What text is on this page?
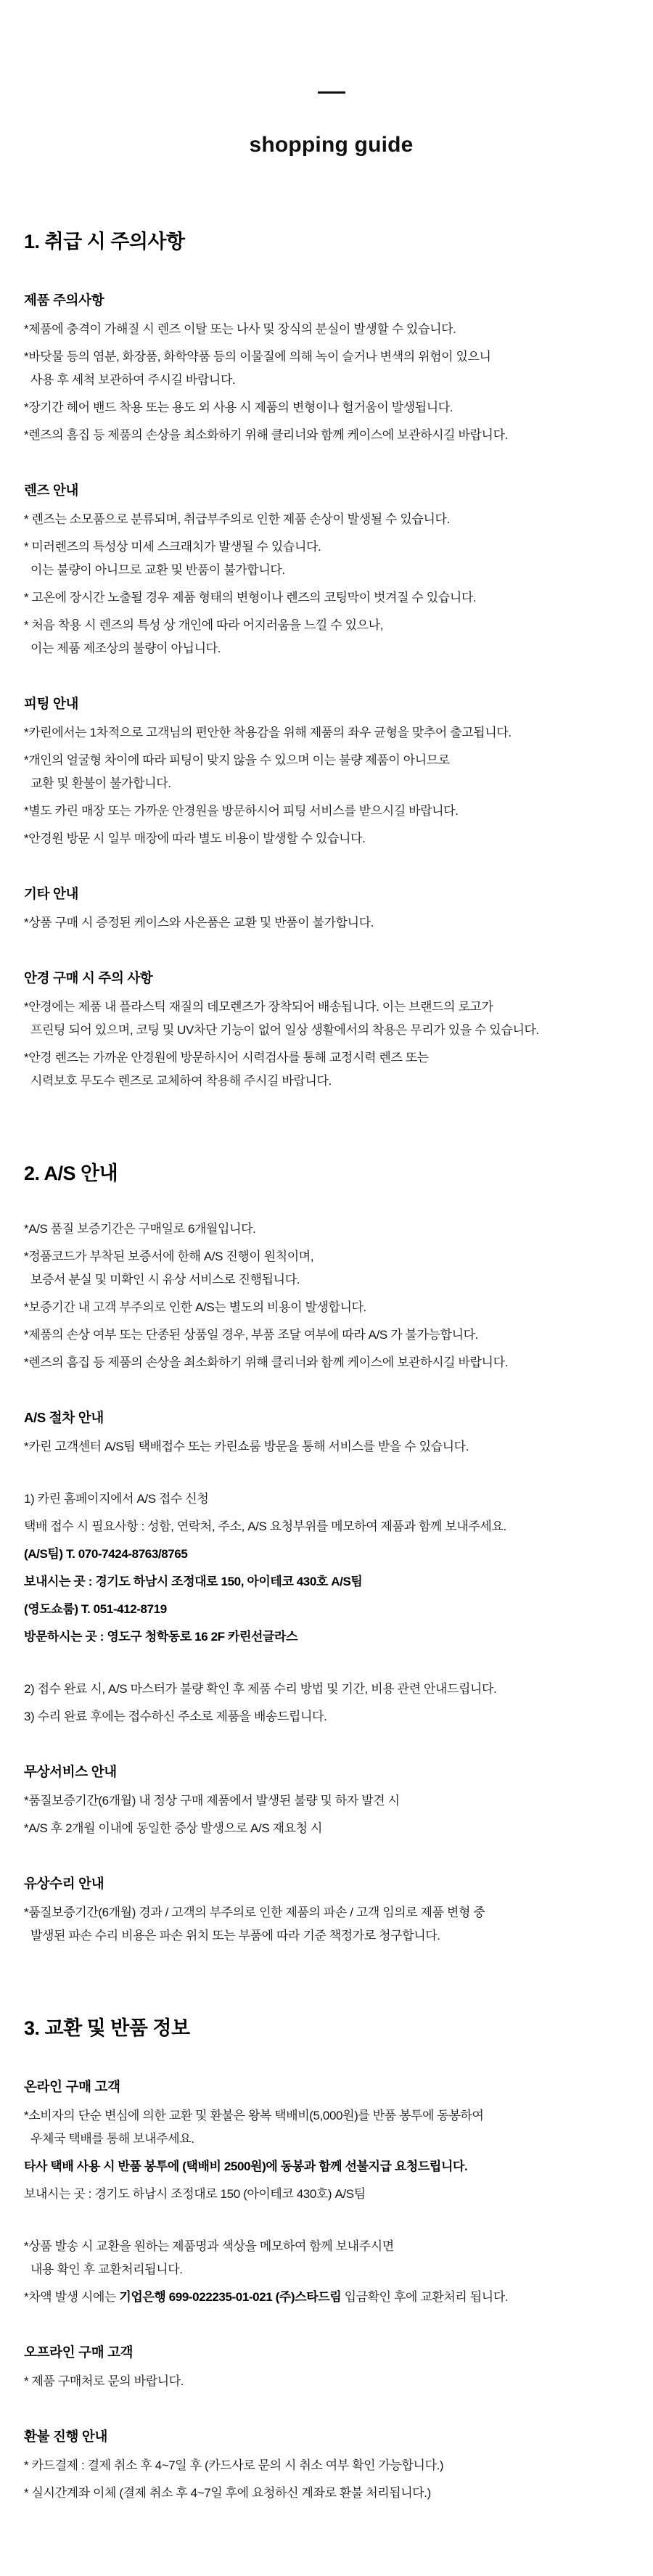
shopping guide
1. 취급 시 주의사항
제품 주의사항

*제품에 충격이 가해질 시 렌즈 이탈 또는 나사 및 장식의 분실이 발생할 수 있습니다.

*바닷물 등의 염분, 화장품, 화학약품 등의 이물질에 의해 녹이 슬거나 변색의 위험이 있으니

사용 후 세척 보관하여 주시길 바랍니다.

*장기간 헤어 밴드 착용 또는 용도 외 사용 시 제품의 변형이나 헐거움이 발생됩니다.

*렌즈의 흠집 등 제품의 손상을 최소화하기 위해 클리너와 함께 케이스에 보관하시길 바랍니다.

렌즈 안내

* 렌즈는 소모품으로 분류되며, 취급부주의로 인한 제품 손상이 발생될 수 있습니다.

* 미러렌즈의 특성상 미세 스크래치가 발생될 수 있습니다.

이는 불량이 아니므로 교환 및 반품이 불가합니다.

* 고온에 장시간 노출될 경우 제품 형태의 변형이나 렌즈의 코팅막이 벗겨질 수 있습니다.

* 처음 착용 시 렌즈의 특성 상 개인에 따라 어지러움을 느낄 수 있으나,

이는 제품 제조상의 불량이 아닙니다.

피팅 안내

*카린에서는 1차적으로 고객님의 편안한 착용감을 위해 제품의 좌우 균형을 맞추어 출고됩니다.

*개인의 얼굴형 차이에 따라 피팅이 맞지 않을 수 있으며 이는 불량 제품이 아니므로

교환 및 환불이 불가합니다.

*별도 카린 매장 또는 가까운 안경원을 방문하시어 피팅 서비스를 받으시길 바랍니다.

*안경원 방문 시 일부 매장에 따라 별도 비용이 발생할 수 있습니다.

기타 안내

*상품 구매 시 증정된 케이스와 사은품은 교환 및 반품이 불가합니다.

안경 구매 시 주의 사항

*안경에는 제품 내 플라스틱 재질의 데모렌즈가 장착되어 배송됩니다. 이는 브랜드의 로고가

프린팅 되어 있으며, 코팅 및 UV차단 기능이 없어 일상 생활에서의 착용은 무리가 있을 수 있습니다.

*안경 렌즈는 가까운 안경원에 방문하시어 시력검사를 통해 교정시력 렌즈 또는

시력보호 무도수 렌즈로 교체하여 착용해 주시길 바랍니다.

2. A/S 안내

*A/S 품질 보증기간은 구매일로 6개월입니다.

*정품코드가 부착된 보증서에 한해 A/S 진행이 원칙이며,

보증서 분실 및 미확인 시 유상 서비스로 진행됩니다.

*보증기간 내 고객 부주의로 인한 A/S는 별도의 비용이 발생합니다.

*제품의 손상 여부 또는 단종된 상품일 경우, 부품 조달 여부에 따라 A/S 가 불가능합니다.

*렌즈의 흠집 등 제품의 손상을 최소화하기 위해 클리너와 함께 케이스에 보관하시길 바랍니다.

A/S 절차 안내

*카린 고객센터 A/S팀 택배접수 또는 카린쇼룸 방문을 통해 서비스를 받을 수 있습니다.

1) 카린 홈페이지에서 A/S 접수 신청

택배 접수 시 필요사항 : 성함, 연락처, 주소, A/S 요청부위를 메모하여 제품과 함께 보내주세요.

(A/S팀) T. 070-7424-8763/8765

보내시는 곳 : 경기도 하남시 조정대로 150, 아이테코 430호 A/S팀

(영도쇼룸) T. 051-412-8719

방문하시는 곳 : 영도구 청학동로 16 2F 카린선글라스

2) 접수 완료 시, A/S 마스터가 불량 확인 후 제품 수리 방법 및 기간, 비용 관련 안내드립니다.

3) 수리 완료 후에는 접수하신 주소로 제품을 배송드립니다.

무상서비스 안내

*품질보증기간(6개월) 내 정상 구매 제품에서 발생된 불량 및 하자 발견 시

*A/S 후 2개월 이내에 동일한 증상 발생으로 A/S 재요청 시

유상수리 안내

*품질보증기간(6개월) 경과 / 고객의 부주의로 인한 제품의 파손 / 고객 임의로 제품 변형 중

발생된 파손 수리 비용은 파손 위치 또는 부품에 따라 기준 책정가로 청구합니다.

3. 교환 및 반품 정보
온라인 구매 고객

*소비자의 단순 변심에 의한 교환 및 환불은 왕복 택배비(5,000원)를 반품 봉투에 동봉하여

우체국 택배를 통해 보내주세요.

타사 택배 사용 시 반품 봉투에 (택배비 2500원)에 동봉과 함께 선불지급 요청드립니다.

보내시는 곳 : 경기도 하남시 조정대로 150 (아이테코 430호) A/S팀

*상품 발송 시 교환을 원하는 제품명과 색상을 메모하여 함께 보내주시면

내용 확인 후 교환처리됩니다.

*차액 발생 시에는 기업은행 699-022235-01-021 (주)스타드림 입금확인 후에 교환처리 됩니다.

오프라인 구매 고객

* 제품 구매처로 문의 바랍니다.

환불 진행 안내

* 카드결제 : 결제 취소 후 4~7일 후 (카드사로 문의 시 취소 여부 확인 가능합니다.)

* 실시간계좌 이체 (결제 취소 후 4~7일 후에 요청하신 계좌로 환불 처리됩니다.)
